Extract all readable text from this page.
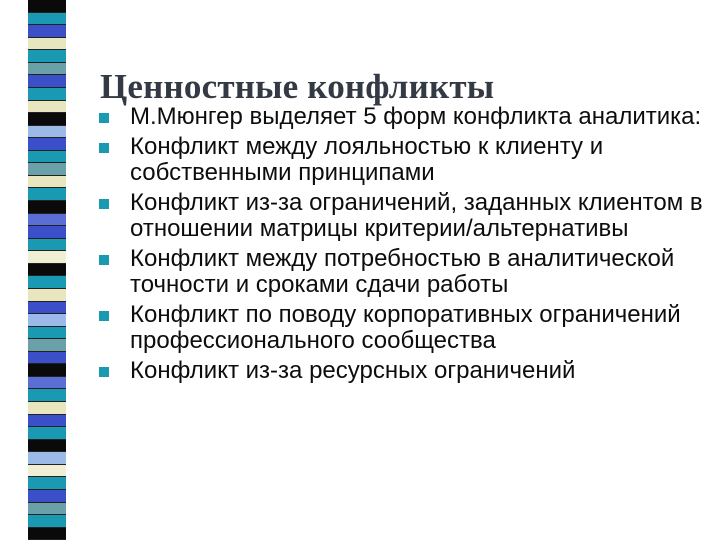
Ценностные конфликты
М.Мюнгер выделяет 5 форм конфликта аналитика:
Конфликт между лояльностью к клиенту и собственными принципами
Конфликт из-за ограничений, заданных клиентом в отношении матрицы критерии/альтернативы
Конфликт между потребностью в аналитической точности и сроками сдачи работы
Конфликт по поводу корпоративных ограничений профессионального сообщества
Конфликт из-за ресурсных ограничений
